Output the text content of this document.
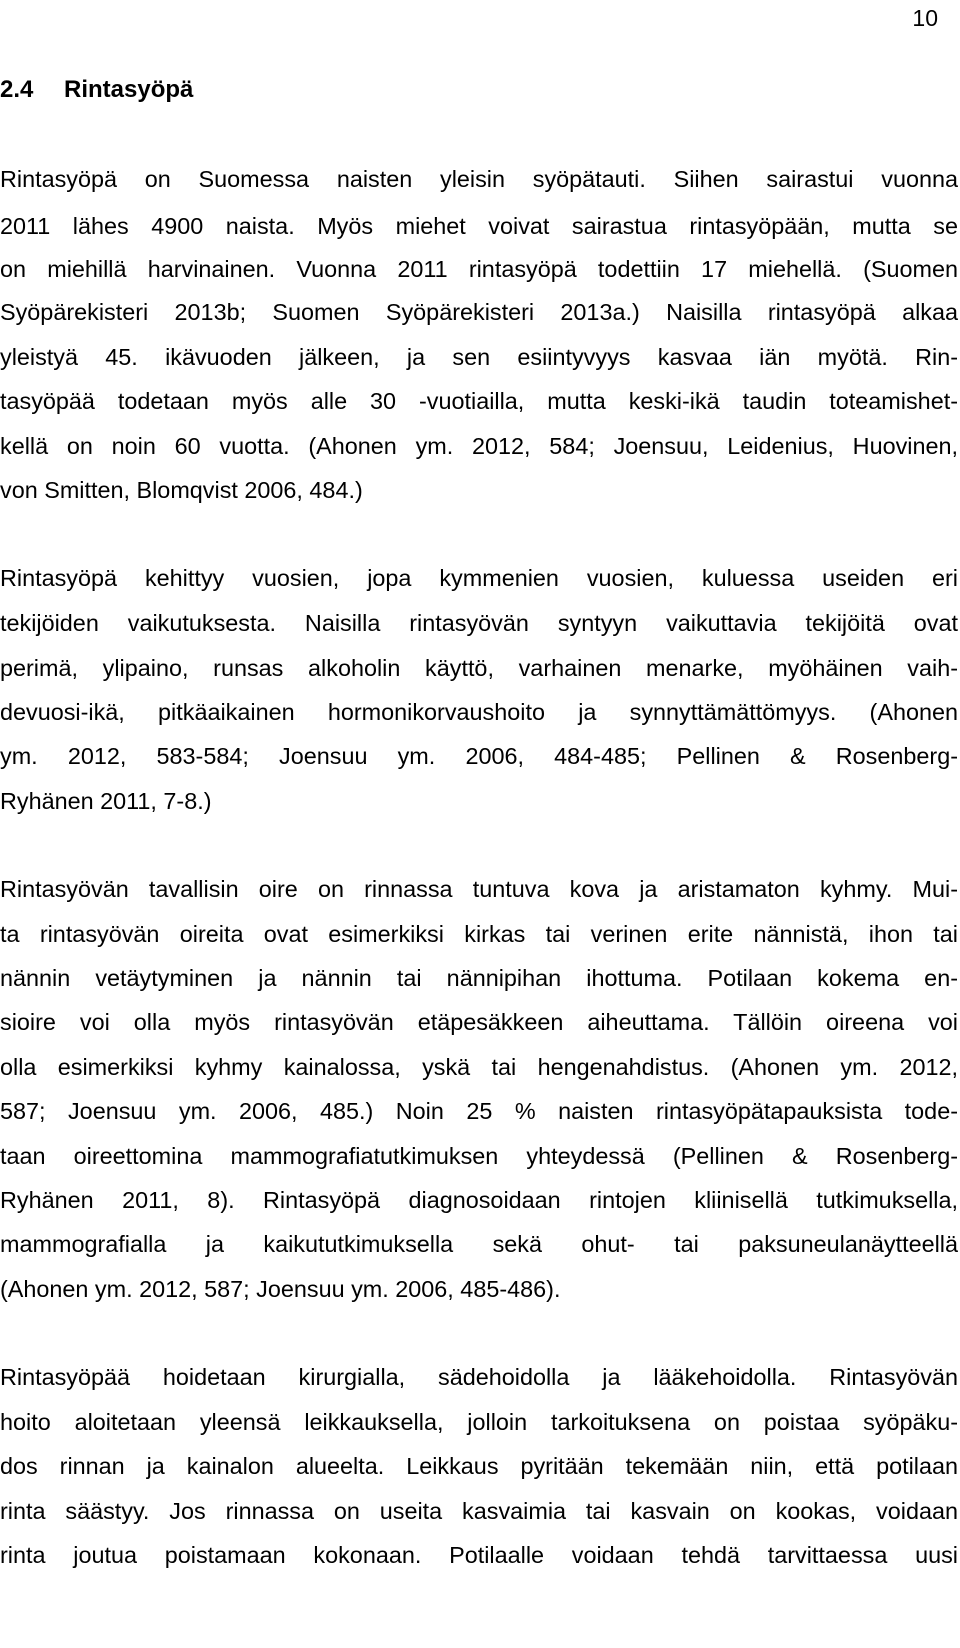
10
2.4 Rintasyöpä
Rintasyöpä on Suomessa naisten yleisin syöpätauti. Siihen sairastui vuonna
2011 lähes 4900 naista. Myös miehet voivat sairastua rintasyöpään, mutta se
on miehillä harvinainen. Vuonna 2011 rintasyöpä todettiin 17 miehellä. (Suomen
Syöpärekisteri 2013b; Suomen Syöpärekisteri 2013a.) Naisilla rintasyöpä alkaa
yleistyä 45. ikävuoden jälkeen, ja sen esiintyvyys kasvaa iän myötä. Rin-
tasyöpää todetaan myös alle 30 -vuotiailla, mutta keski-ikä taudin toteamishet-
kellä on noin 60 vuotta. (Ahonen ym. 2012, 584; Joensuu, Leidenius, Huovinen,
von Smitten, Blomqvist 2006, 484.)
Rintasyöpä kehittyy vuosien, jopa kymmenien vuosien, kuluessa useiden eri
tekijöiden vaikutuksesta. Naisilla rintasyövän syntyyn vaikuttavia tekijöitä ovat
perimä, ylipaino, runsas alkoholin käyttö, varhainen menarke, myöhäinen vaih-
devuosi-ikä, pitkäaikainen hormonikorvaushoito ja synnyttämättömyys. (Ahonen
ym. 2012, 583-584; Joensuu ym. 2006, 484-485; Pellinen & Rosenberg-
Ryhänen 2011, 7-8.)
Rintasyövän tavallisin oire on rinnassa tuntuva kova ja aristamaton kyhmy. Mui-
ta rintasyövän oireita ovat esimerkiksi kirkas tai verinen erite nännistä, ihon tai
nännin vetäytyminen ja nännin tai nännipihan ihottuma. Potilaan kokema en-
sioire voi olla myös rintasyövän etäpesäkkeen aiheuttama. Tällöin oireena voi
olla esimerkiksi kyhmy kainalossa, yskä tai hengenahdistus. (Ahonen ym. 2012,
587; Joensuu ym. 2006, 485.) Noin 25 % naisten rintasyöpätapauksista tode-
taan oireettomina mammografiatutkimuksen yhteydessä (Pellinen & Rosenberg-
Ryhänen 2011, 8). Rintasyöpä diagnosoidaan rintojen kliinisellä tutkimuksella,
mammografialla ja kaikututkimuksella sekä ohut- tai paksuneulanäytteellä
(Ahonen ym. 2012, 587; Joensuu ym. 2006, 485-486).
Rintasyöpää hoidetaan kirurgialla, sädehoidolla ja lääkehoidolla. Rintasyövän
hoito aloitetaan yleensä leikkauksella, jolloin tarkoituksena on poistaa syöpäku-
dos rinnan ja kainalon alueelta. Leikkaus pyritään tekemään niin, että potilaan
rinta säästyy. Jos rinnassa on useita kasvaimia tai kasvain on kookas, voidaan
rinta joutua poistamaan kokonaan. Potilaalle voidaan tehdä tarvittaessa uusi
